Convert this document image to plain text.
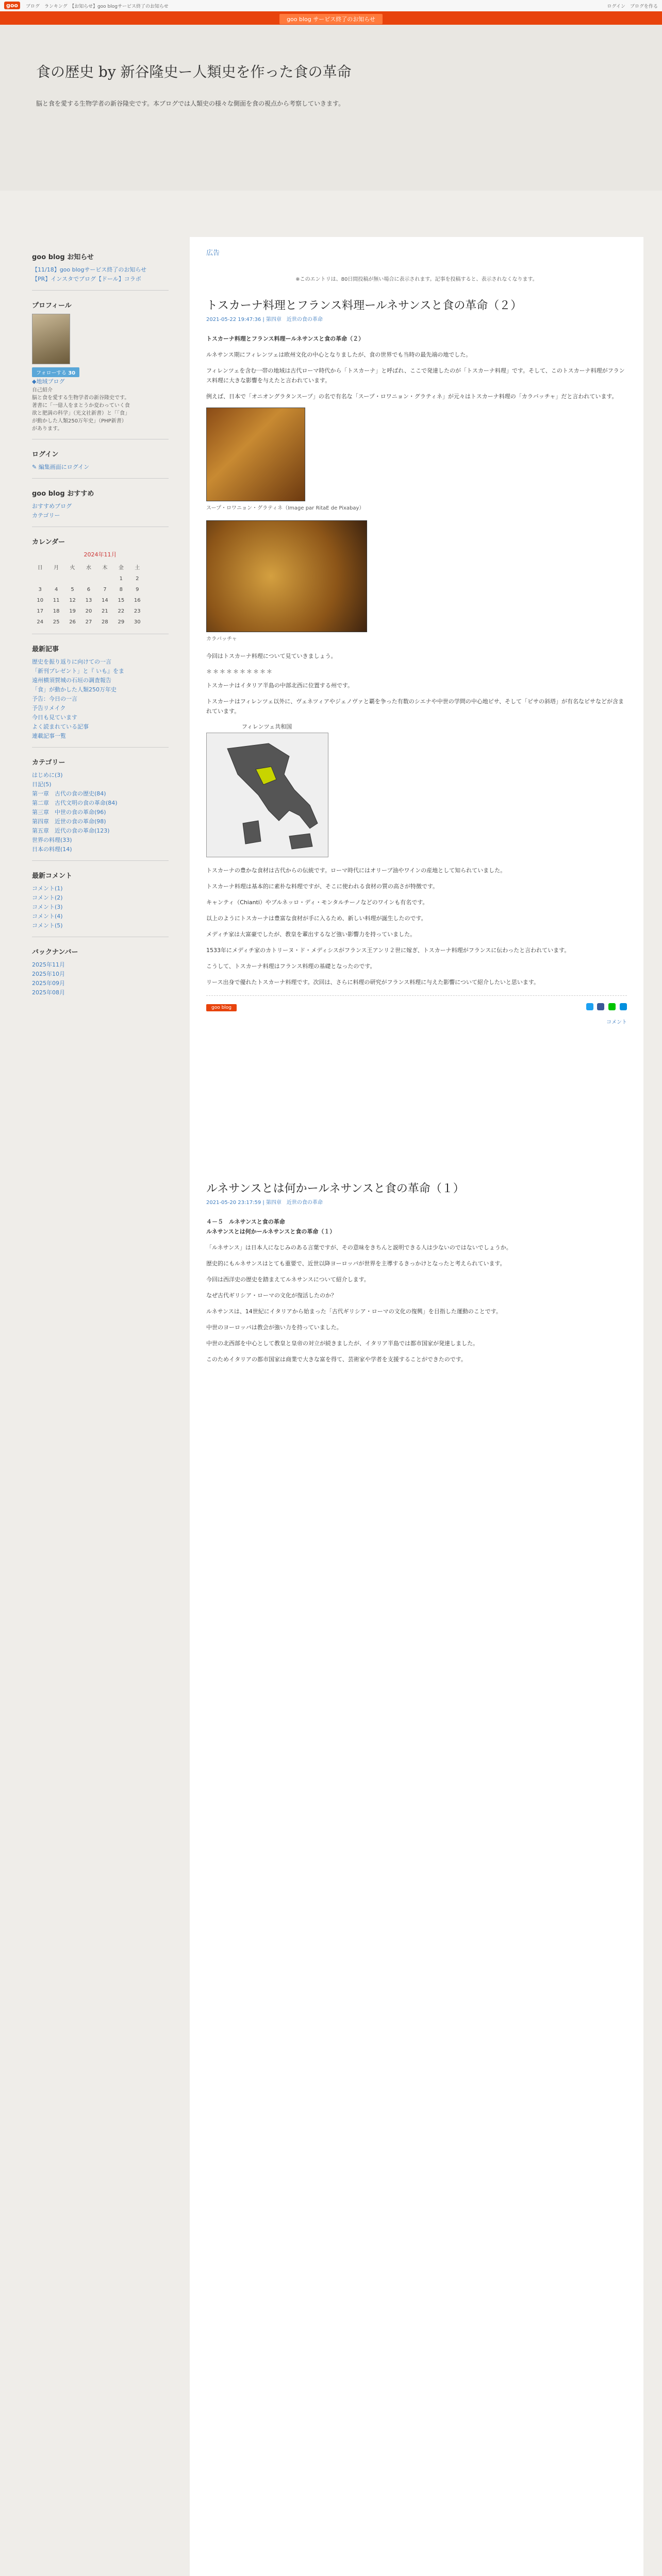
goo	ブログ　ランキング　【お知らせ】goo blogサービス終了のお知らせ	ログイン　ブログを作る
goo blog サービス終了のお知らせ
食の歴史 by 新谷隆史ー人類史を作った食の革命
脳と食を愛する生物学者の新谷隆史です。本ブログでは人類史の様々な側面を食の視点から考察していきます。
goo blog お知らせ
【11/18】goo blogサービス終了のお知らせ
【PR】インスタでブログ【ドール】コラボ
プロフィール
フォローする 30
◆地域ブログ
自己紹介
脳と食を愛する生物学者の新谷隆史です。著書に「一億人をまとうか変わっていく食欲と肥満の科学」（光文社新書）と「「食」が動かした人類250万年史」（PHP新書）があります。
ログイン
✎ 編集画面にログイン
goo blog おすすめ
おすすめブログ
カテゴリー
カレンダー
2024年11月
日	月	火	水	木	金	土
					1	2
3	4	5	6	7	8	9
10	11	12	13	14	15	16
17	18	19	20	21	22	23
24	25	26	27	28	29	30
最新記事
歴史を振り返りに向けての一言
「新刊プレゼント」と『 いも』をま
遠州横須賀城の石垣の調査報告
「食」が動かした人類250万年史
予告：今日の一言
予告リメイク
今日も見ています
よく読まれている記事
連載記事一覧
カテゴリー
はじめに(3)
日記(5)
第一章　古代の食の歴史(84)
第二章　古代文明の食の革命(84)
第三章　中世の食の革命(96)
第四章　近世の食の革命(98)
第五章　近代の食の革命(123)
世界の料理(33)
日本の料理(14)
最新コメント
コメント(1)
コメント(2)
コメント(3)
コメント(4)
コメント(5)
バックナンバー
2025年11月
2025年10月
2025年09月
2025年08月
広告
※このエントリは、80日間投稿が無い場合に表示されます。記事を投稿すると、表示されなくなります。
トスカーナ料理とフランス料理ールネサンスと食の革命（２）
2021-05-22 19:47:36 | 第四章　近世の食の革命

トスカーナ料理とフランス料理ールネサンスと食の革命（２）

ルネサンス期にフィレンツェは欧州文化の中心となりましたが、食の世界でも当時の最先端の地でした。

フィレンツェを含む一帯の地域は古代ローマ時代から「トスカーナ」と呼ばれ、ここで発達したのが「トスカーナ料理」です。そして、このトスカーナ料理がフランス料理に大きな影響を与えたと言われています。

例えば、日本で「オニオングラタンスープ」の名で有名な「スープ・ロワニョン・グラティネ」が元々はトスカーナ料理の「カラバッチャ」だと言われています。

スープ・ロワニョン・グラティネ（Image par RitaE de Pixabay）
カラバッチャ

今回はトスカーナ料理について見ていきましょう。

＊＊＊＊＊＊＊＊＊＊

トスカーナはイタリア半島の中部北西に位置する州です。

トスカーナはフィレンツェ以外に、ヴェネツィアやジェノヴァと覇を争った有数のシエナや中世の学問の中心地ピサ、そして「ピサの斜塔」が有名なピサなどが含まれています。

フィレンツェ共和国

トスカーナの豊かな食材は古代からの伝統です。ローマ時代にはオリーブ油やワインの産地として知られていました。

トスカーナ料理は基本的に素朴な料理ですが、そこに使われる食材の質の高さが特徴です。

キャンティ（Chianti）やブルネッロ・ディ・モンタルチーノなどのワインも有名です。

以上のようにトスカーナは豊富な食材が手に入るため、新しい料理が誕生したのです。

メディチ家は大富豪でしたが、教皇を輩出するなど強い影響力を持っていました。

1533年にメディチ家のカトリーヌ・ド・メディシスがフランス王アンリ２世に嫁ぎ、トスカーナ料理がフランスに伝わったと言われています。

こうして、トスカーナ料理はフランス料理の基礎となったのです。

リース出身で優れたトスカーナ料理です。次回は、さらに料理の研究がフランス料理に与えた影響について紹介したいと思います。

goo blog

コメント
ルネサンスとは何かールネサンスと食の革命（１）
2021-05-20 23:17:59 | 第四章　近世の食の革命

４－５　ルネサンスと食の革命
ルネサンスとは何かールネサンスと食の革命（１）

「ルネサンス」は日本人になじみのある言葉ですが、その意味をきちんと説明できる人は少ないのではないでしょうか。

歴史的にもルネサンスはとても重要で、近世以降ヨーロッパが世界を主導するきっかけとなったと考えられています。

今回は西洋史の歴史を踏まえてルネサンスについて紹介します。

なぜ古代ギリシア・ローマの文化が復活したのか？

ルネサンスは、14世紀にイタリアから始まった「古代ギリシア・ローマの文化の復興」を目指した運動のことです。

中世のヨーロッパは教会が強い力を持っていました。

中世の北西部を中心として教皇と皇帝の対立が続きましたが、イタリア半島では都市国家が発達しました。

このためイタリアの都市国家は商業で大きな富を得て、芸術家や学者を支援することができたのです。
